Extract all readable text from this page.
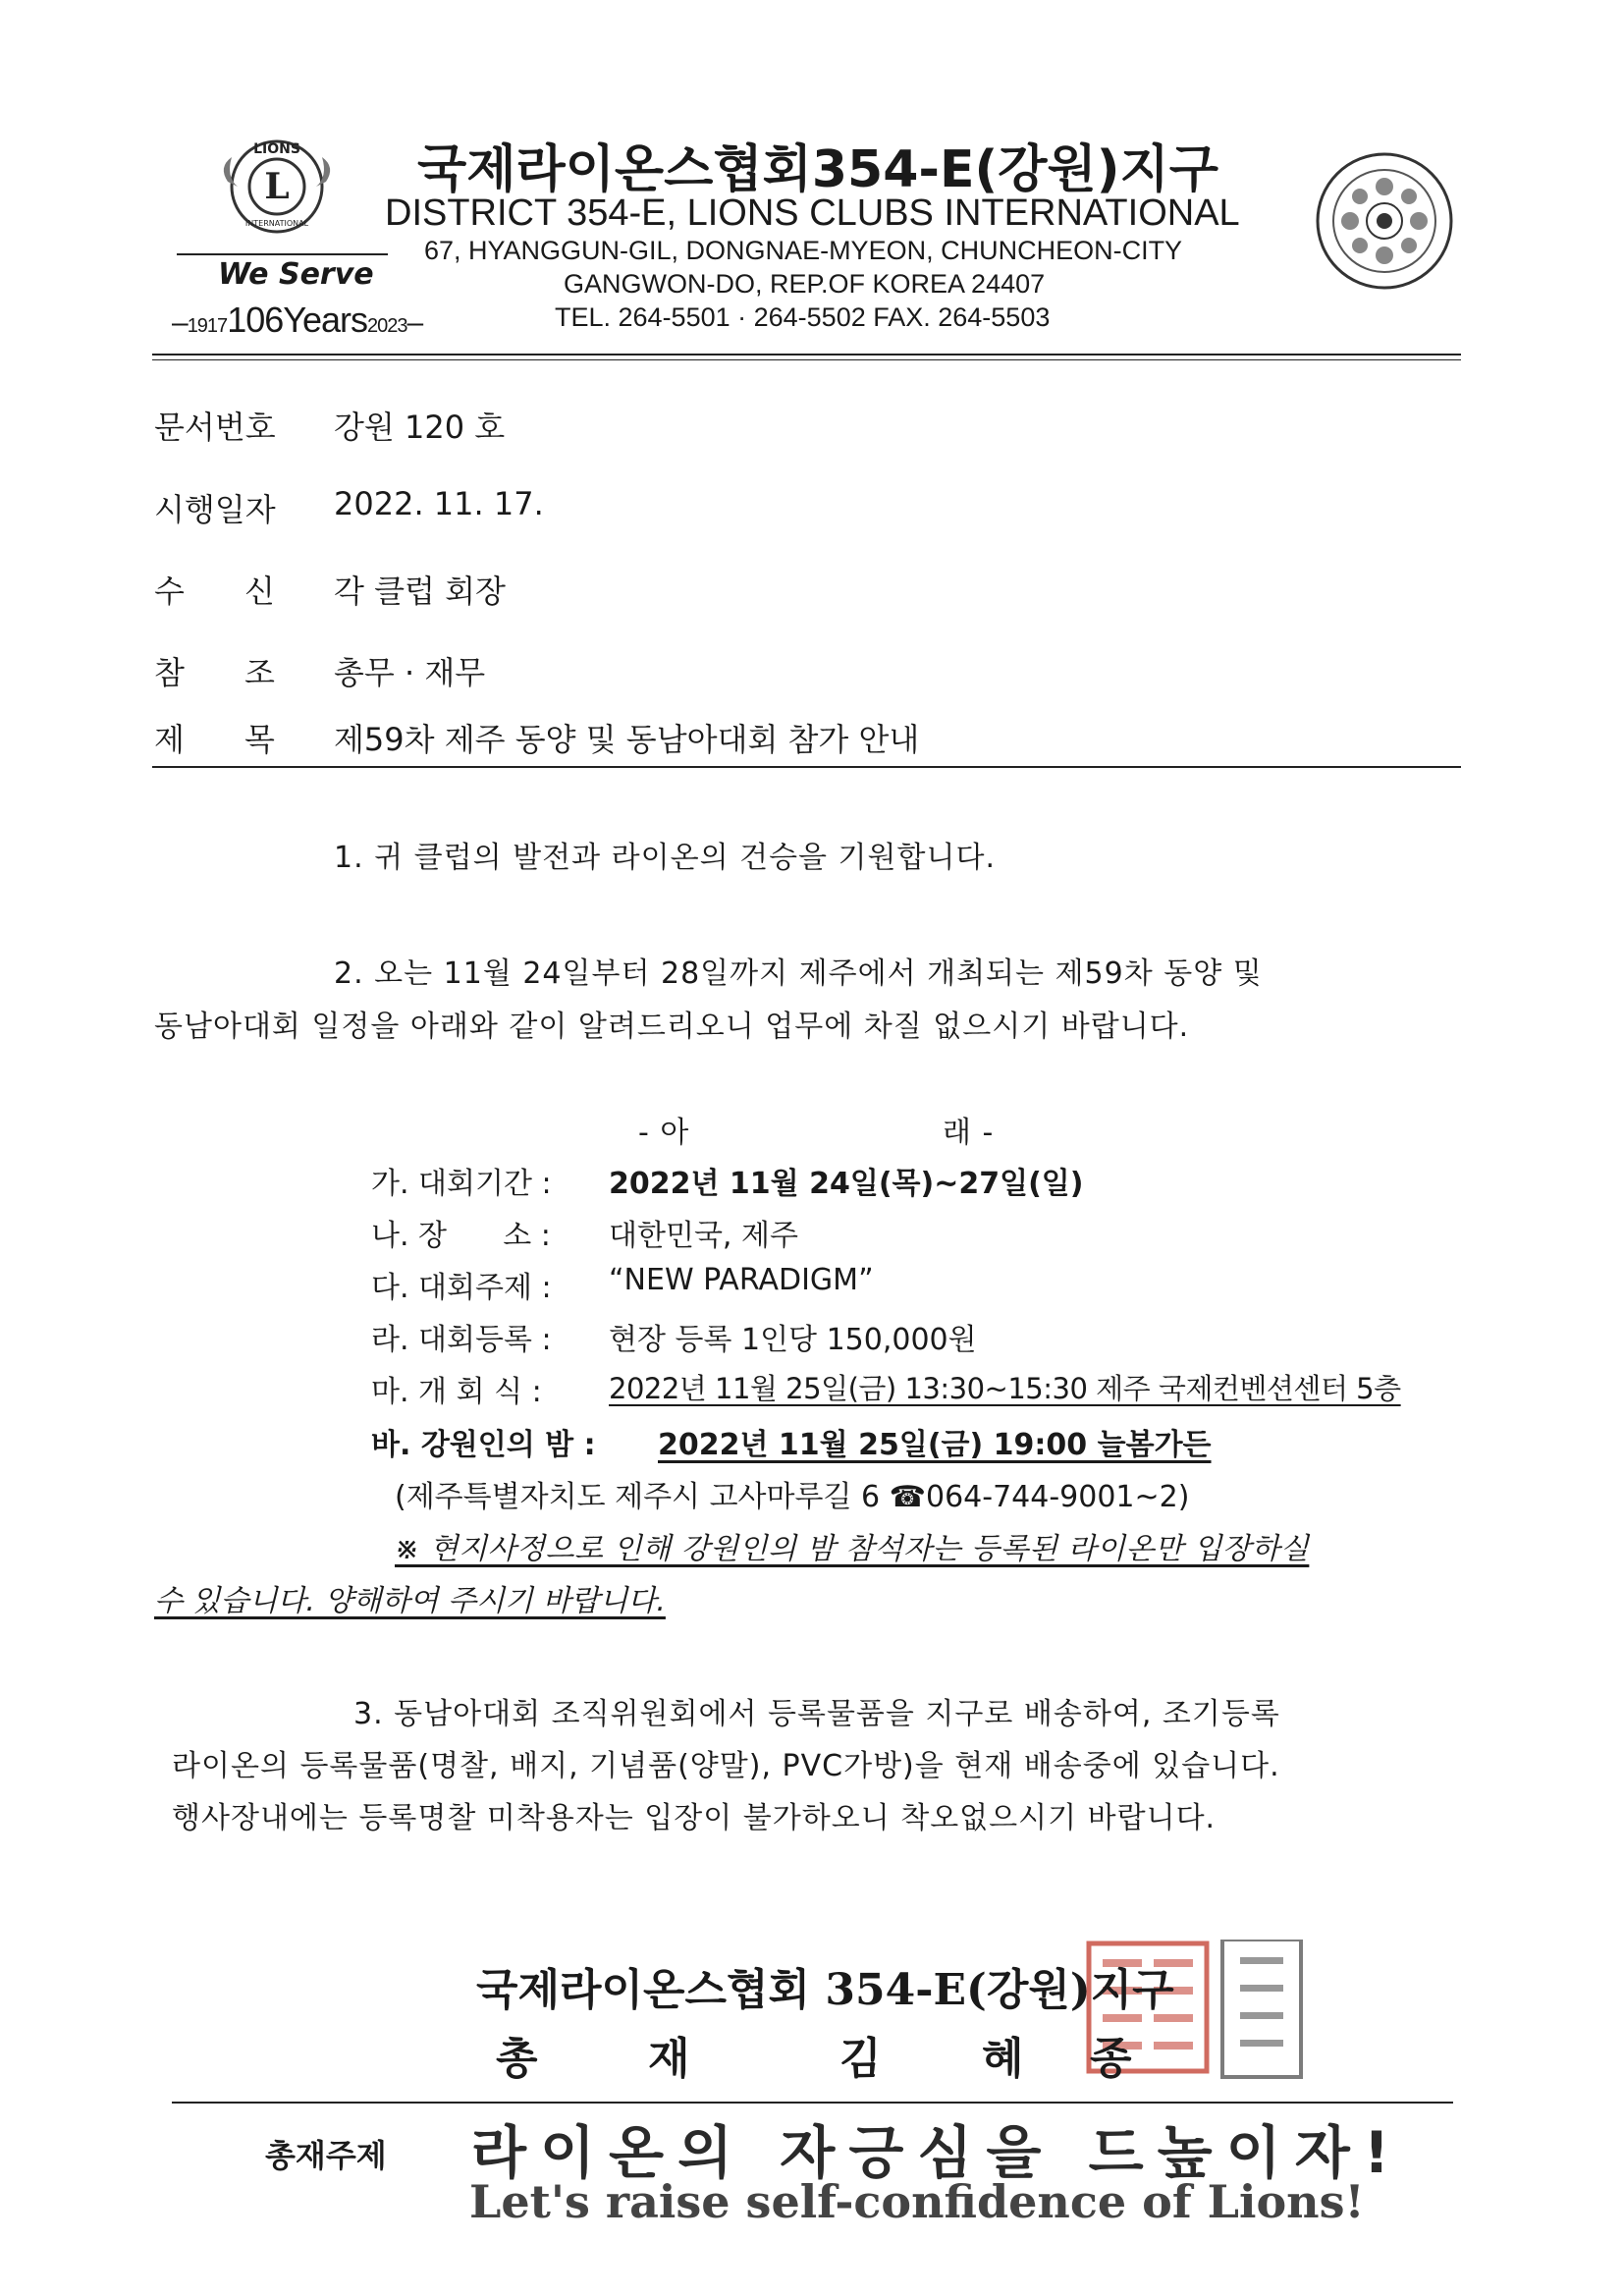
L
LIONS
INTERNATIONAL
We Serve
–1917106Years2023–
국제라이온스협회354-E(강원)지구
DISTRICT 354-E, LIONS CLUBS INTERNATIONAL
67, HYANGGUN-GIL, DONGNAE-MYEON, CHUNCHEON-CITY
GANGWON-DO, REP.OF KOREA 24407
TEL. 264-5501 · 264-5502 FAX. 264-5503
문서번호 강원 120 호
시행일자 2022. 11. 17.
수      신 각 클럽 회장
참      조 총무 · 재무
제      목 제59차 제주 동양 및 동남아대회 참가 안내
1. 귀 클럽의 발전과 라이온의 건승을 기원합니다.
2. 오는 11월 24일부터 28일까지 제주에서 개최되는 제59차 동양 및
동남아대회 일정을 아래와 같이 알려드리오니 업무에 차질 없으시기 바랍니다.
- 아	래 -
가. 대회기간 : 2022년 11월 24일(목)~27일(일)
나. 장      소 : 대한민국, 제주
다. 대회주제 : “NEW PARADIGM”
라. 대회등록 : 현장 등록 1인당 150,000원
마. 개 회 식 : 2022년 11월 25일(금) 13:30~15:30 제주 국제컨벤션센터 5층
바. 강원인의 밤 : 2022년 11월 25일(금) 19:00 늘봄가든
(제주특별자치도 제주시 고사마루길 6 ☎064-744-9001~2)
※ 현지사정으로 인해 강원인의 밤 참석자는 등록된 라이온만 입장하실
수 있습니다. 양해하여 주시기 바랍니다.
3. 동남아대회 조직위원회에서 등록물품을 지구로 배송하여, 조기등록
라이온의 등록물품(명찰, 배지, 기념품(양말), PVC가방)을 현재 배송중에 있습니다.
행사장내에는 등록명찰 미착용자는 입장이 불가하오니 착오없으시기 바랍니다.
국제라이온스협회 354-E(강원)지구
총	재	김 혜 종
총재주제 라이온의 자긍심을 드높이자!
Let's raise self-confidence of Lions!
